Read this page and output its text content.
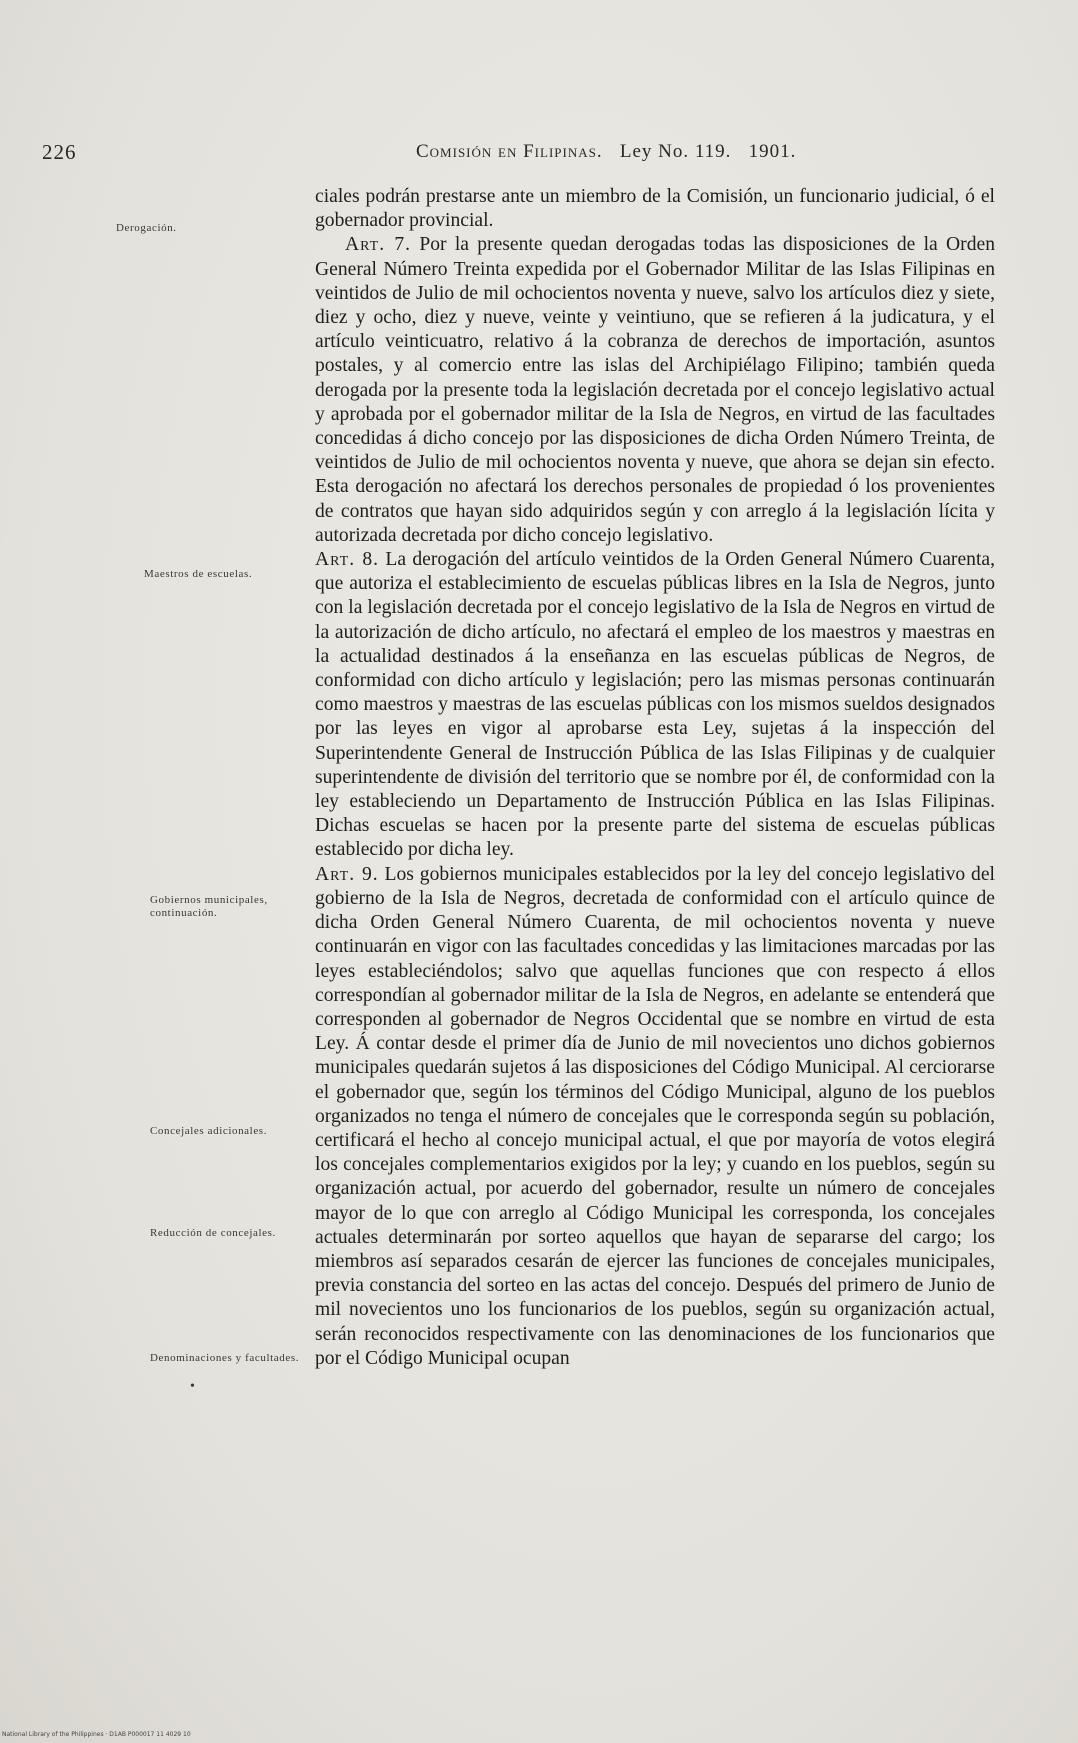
226	Comisión en Filipinas. Ley No. 119. 1901.
Derogación.
Maestros de escuelas.
Gobiernos municipales, continuación.
Concejales adicionales.
Reducción de concejales.
Denominaciones y facultades.
•

ciales podrán prestarse ante un miembro de la Comisión, un funcionario judicial, ó el gobernador provincial.

Art. 7. Por la presente quedan derogadas todas las disposiciones de la Orden General Número Treinta expedida por el Gobernador Militar de las Islas Filipinas en veintidos de Julio de mil ochocientos noventa y nueve, salvo los artículos diez y siete, diez y ocho, diez y nueve, veinte y veintiuno, que se refieren á la judicatura, y el artículo veinticuatro, relativo á la cobranza de derechos de importación, asuntos postales, y al comercio entre las islas del Archipiélago Filipino; también queda derogada por la presente toda la legislación decretada por el concejo legislativo actual y aprobada por el gobernador militar de la Isla de Negros, en virtud de las facultades concedidas á dicho concejo por las disposiciones de dicha Orden Número Treinta, de veintidos de Julio de mil ochocientos noventa y nueve, que ahora se dejan sin efecto. Esta derogación no afectará los derechos personales de propiedad ó los provenientes de contratos que hayan sido adquiridos según y con arreglo á la legislación lícita y autorizada decretada por dicho concejo legislativo.

Art. 8. La derogación del artículo veintidos de la Orden General Número Cuarenta, que autoriza el establecimiento de escuelas públicas libres en la Isla de Negros, junto con la legislación decretada por el concejo legislativo de la Isla de Negros en virtud de la autorización de dicho artículo, no afectará el empleo de los maestros y maestras en la actualidad destinados á la enseñanza en las escuelas públicas de Negros, de conformidad con dicho artículo y legislación; pero las mismas personas continuarán como maestros y maestras de las escuelas públicas con los mismos sueldos designados por las leyes en vigor al aprobarse esta Ley, sujetas á la inspección del Superintendente General de Instrucción Pública de las Islas Filipinas y de cualquier superintendente de división del territorio que se nombre por él, de conformidad con la ley estableciendo un Departamento de Instrucción Pública en las Islas Filipinas. Dichas escuelas se hacen por la presente parte del sistema de escuelas públicas establecido por dicha ley.

Art. 9. Los gobiernos municipales establecidos por la ley del concejo legislativo del gobierno de la Isla de Negros, decretada de conformidad con el artículo quince de dicha Orden General Número Cuarenta, de mil ochocientos noventa y nueve continuarán en vigor con las facultades concedidas y las limitaciones marcadas por las leyes estableciéndolos; salvo que aquellas funciones que con respecto á ellos correspondían al gobernador militar de la Isla de Negros, en adelante se entenderá que corresponden al gobernador de Negros Occidental que se nombre en virtud de esta Ley. Á contar desde el primer día de Junio de mil novecientos uno dichos gobiernos municipales quedarán sujetos á las disposiciones del Código Municipal. Al cerciorarse el gobernador que, según los términos del Código Municipal, alguno de los pueblos organizados no tenga el número de concejales que le corresponda según su población, certificará el hecho al concejo municipal actual, el que por mayoría de votos elegirá los concejales complementarios exigidos por la ley; y cuando en los pueblos, según su organización actual, por acuerdo del gobernador, resulte un número de concejales mayor de lo que con arreglo al Código Municipal les corresponda, los concejales actuales determinarán por sorteo aquellos que hayan de separarse del cargo; los miembros así separados cesarán de ejercer las funciones de concejales municipales, previa constancia del sorteo en las actas del concejo. Después del primero de Junio de mil novecientos uno los funcionarios de los pueblos, según su organización actual, serán reconocidos respectivamente con las denominaciones de los funcionarios que por el Código Municipal ocupan

National Library of the Philippines · D1AB P000017 11 4029 10
